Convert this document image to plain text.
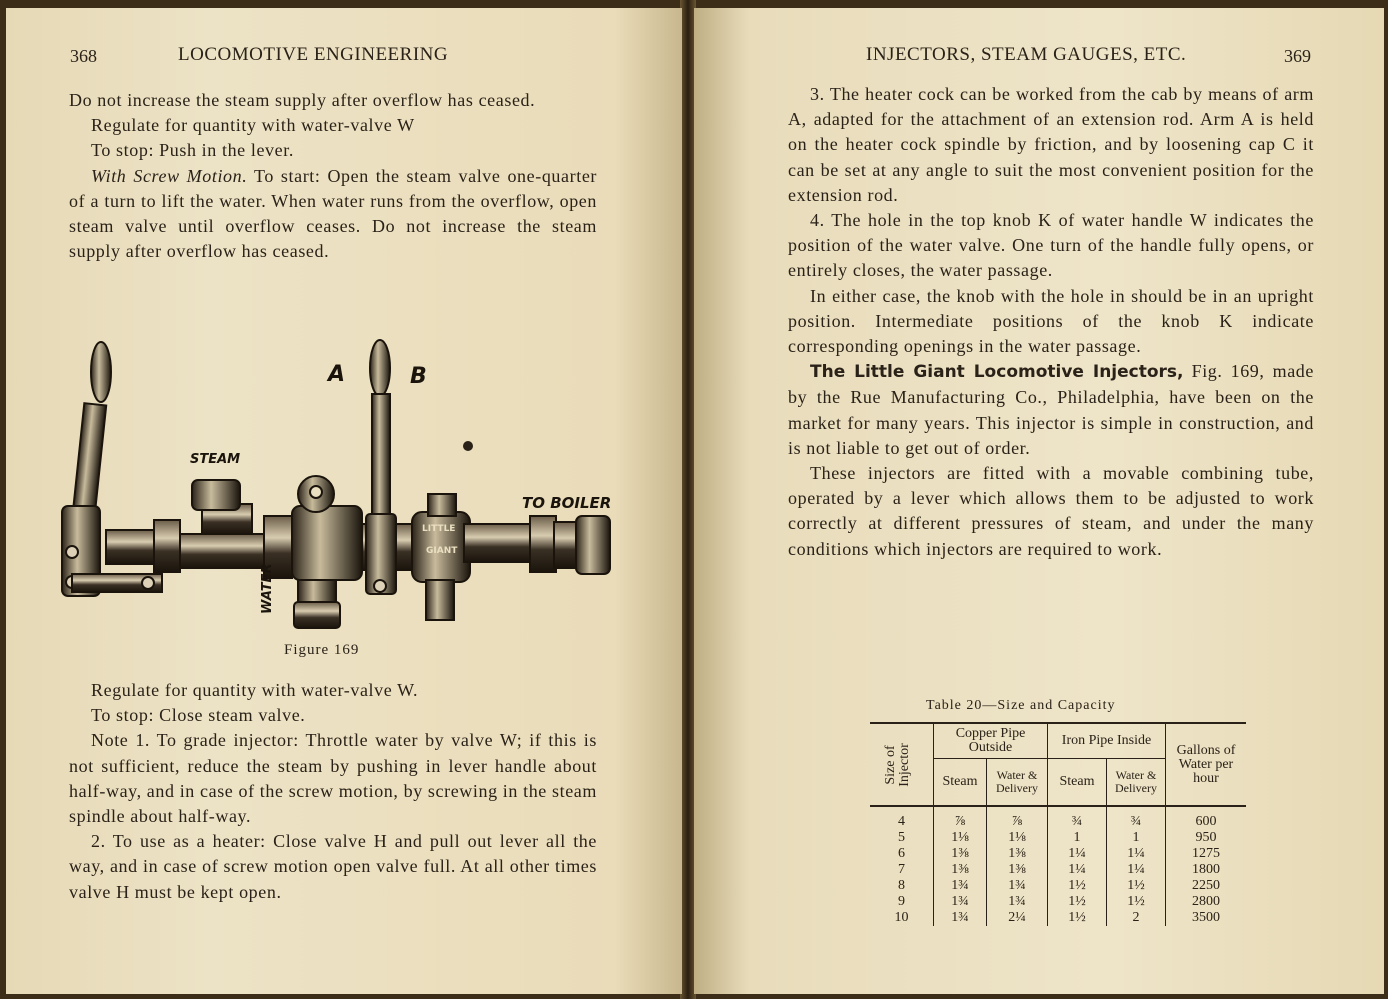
368	LOCOMOTIVE ENGINEERING

Do not increase the steam supply after overflow has ceased.

Regulate for quantity with water-valve W

To stop: Push in the lever.

With Screw Motion. To start: Open the steam valve one-quarter of a turn to lift the water. When water runs from the overflow, open steam valve until overflow ceases. Do not increase the steam supply after overflow has ceased.

A	B
STEAM
TO BOILER
WATER
LITTLE
GIANT
Figure 169

Regulate for quantity with water-valve W.

To stop: Close steam valve.

Note 1. To grade injector: Throttle water by valve W; if this is not sufficient, reduce the steam by pushing in lever handle about half-way, and in case of the screw motion, by screwing in the steam spindle about half-way.

2. To use as a heater: Close valve H and pull out lever all the way, and in case of screw motion open valve full. At all other times valve H must be kept open.

INJECTORS, STEAM GAUGES, ETC.	369

3. The heater cock can be worked from the cab by means of arm A, adapted for the attachment of an extension rod. Arm A is held on the heater cock spindle by friction, and by loosening cap C it can be set at any angle to suit the most convenient position for the extension rod.

4. The hole in the top knob K of water handle W indicates the position of the water valve. One turn of the handle fully opens, or entirely closes, the water passage.

In either case, the knob with the hole in should be in an upright position. Intermediate positions of the knob K indicate corresponding openings in the water passage.

The Little Giant Locomotive Injectors, Fig. 169, made by the Rue Manufacturing Co., Philadelphia, have been on the market for many years. This injector is simple in construction, and is not liable to get out of order.

These injectors are fitted with a movable combining tube, operated by a lever which allows them to be adjusted to work correctly at different pressures of steam, and under the many conditions which injectors are required to work.

Table 20—Size and Capacity
Size of Injector	Copper Pipe Outside		Iron Pipe Inside		Gallons of Water per hour
	Steam	Water & Delivery	Steam	Water & Delivery	

4	⅞	⅞	¾	¾	600
5	1⅛	1⅛	1	1	950
6	1⅜	1⅜	1¼	1¼	1275
7	1⅜	1⅜	1¼	1¼	1800
8	1¾	1¾	1½	1½	2250
9	1¾	1¾	1½	1½	2800
10	1¾	2¼	1½	2	3500
